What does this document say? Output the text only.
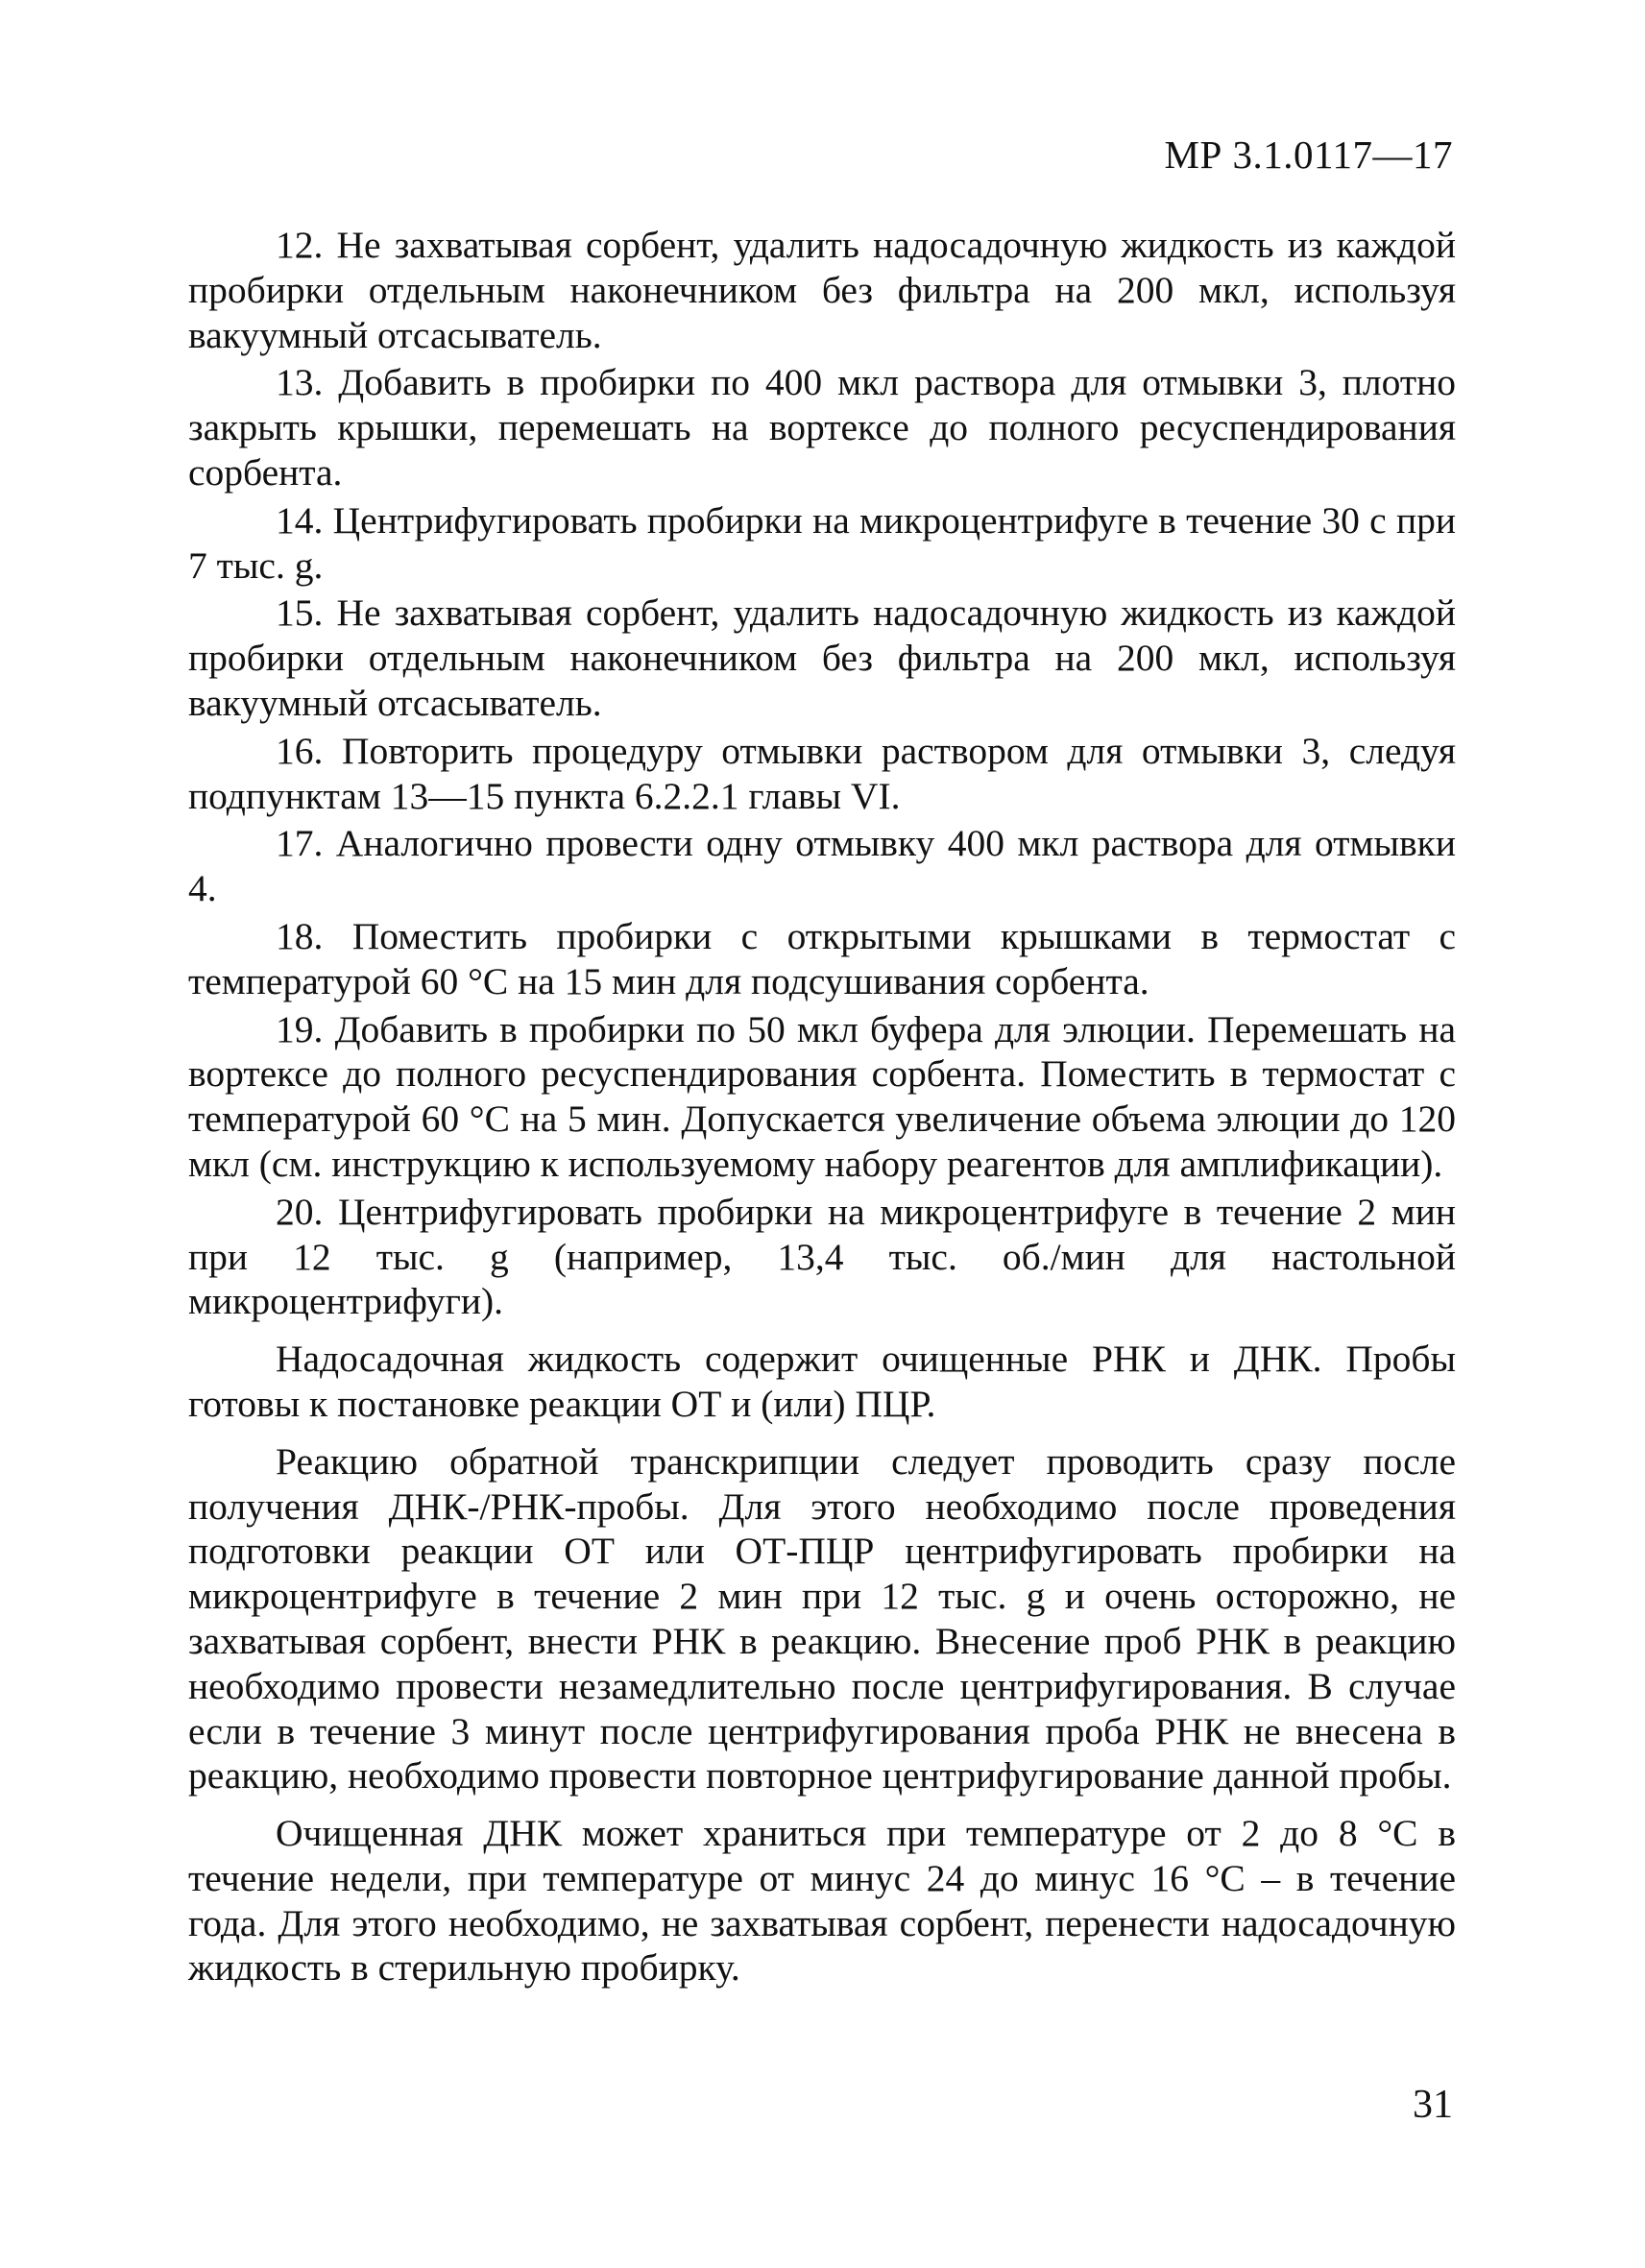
МР 3.1.0117—17

12. Не захватывая сорбент, удалить надосадочную жидкость из каждой пробирки отдельным наконечником без фильтра на 200 мкл, используя вакуумный отсасыватель.

13. Добавить в пробирки по 400 мкл раствора для отмывки 3, плотно закрыть крышки, перемешать на вортексе до полного ресуспендирования сорбента.

14. Центрифугировать пробирки на микроцентрифуге в течение 30 с при 7 тыс. g.

15. Не захватывая сорбент, удалить надосадочную жидкость из каждой пробирки отдельным наконечником без фильтра на 200 мкл, используя вакуумный отсасыватель.

16. Повторить процедуру отмывки раствором для отмывки 3, следуя подпунктам 13—15 пункта 6.2.2.1 главы VI.

17. Аналогично провести одну отмывку 400 мкл раствора для отмывки 4.

18. Поместить пробирки с открытыми крышками в термостат с температурой 60 °С на 15 мин для подсушивания сорбента.

19. Добавить в пробирки по 50 мкл буфера для элюции. Перемешать на вортексе до полного ресуспендирования сорбента. Поместить в термостат с температурой 60 °С на 5 мин. Допускается увеличение объема элюции до 120 мкл (см. инструкцию к используемому набору реагентов для амплификации).

20. Центрифугировать пробирки на микроцентрифуге в течение 2 мин при 12 тыс. g (например, 13,4 тыс. об./мин для настольной микроцентрифуги).

Надосадочная жидкость содержит очищенные РНК и ДНК. Пробы готовы к постановке реакции ОТ и (или) ПЦР.

Реакцию обратной транскрипции следует проводить сразу после получения ДНК-/РНК-пробы. Для этого необходимо после проведения подготовки реакции ОТ или ОТ-ПЦР центрифугировать пробирки на микроцентрифуге в течение 2 мин при 12 тыс. g и очень осторожно, не захватывая сорбент, внести РНК в реакцию. Внесение проб РНК в реакцию необходимо провести незамедлительно после центрифугирования. В случае если в течение 3 минут после центрифугирования проба РНК не внесена в реакцию, необходимо провести повторное центрифугирование данной пробы.

Очищенная ДНК может храниться при температуре от 2 до 8 °С в течение недели, при температуре от минус 24 до минус 16 °С – в течение года. Для этого необходимо, не захватывая сорбент, перенести надосадочную жидкость в стерильную пробирку.

31
